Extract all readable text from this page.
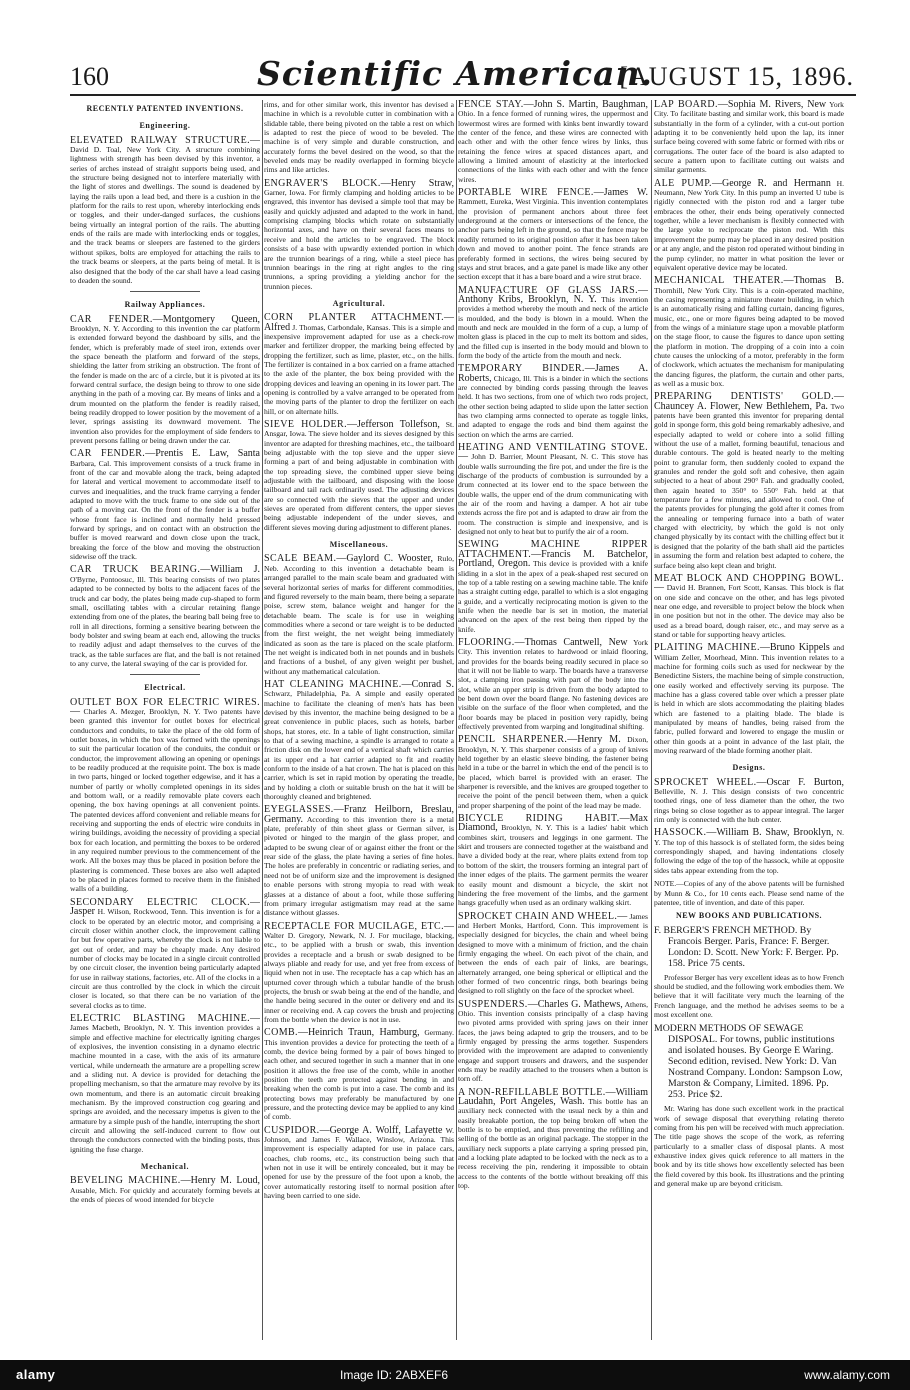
160	Scientific American.
[AUGUST 15, 1896.
RECENTLY PATENTED INVENTIONS.
Engineering.

ELEVATED RAILWAY STRUCTURE.— David D. Toal, New York City. A structure combining lightness with strength has been devised by this inventor, a series of arches instead of straight supports being used, and the structure being designed not to interfere materially with the light of stores and dwellings. The sound is deadened by laying the rails upon a lead bed, and there is a cushion in the platform for the rails to rest upon, whereby interlocking ends or toggles, and their under-danged surfaces, the cushions being virtually an integral portion of the rails. The abutting ends of the rails are made with interlocking ends or toggles, and the track beams or sleepers are fastened to the girders without spikes, bolts are employed for attaching the rails to the track beams or sleepers, at the parts being of metal. It is also designed that the body of the car shall have a lead casing to deaden the sound.

Railway Appliances.

CAR FENDER.—Montgomery Queen, Brooklyn, N. Y. According to this invention the car platform is extended forward beyond the dashboard by sills, and the fender, which is preferably made of steel iron, extends over the space beneath the platform and forward of the steps, shielding the latter from striking an obstruction. The front of the fender is made on the arc of a circle, but it is pivoted at its forward central surface, the design being to throw to one side anything in the path of a moving car. By means of links and a drum mounted on the platform the fender is readily raised, being readily dropped to lower position by the movement of a lever, springs assisting its downward movement. The invention also provides for the employment of side fenders to prevent persons falling or being drawn under the car.

CAR FENDER.—Prentis E. Law, Santa Barbara, Cal. This improvement consists of a truck frame in front of the car and movable along the track, being adapted for lateral and vertical movement to accommodate itself to curves and inequalities, and the truck frame carrying a fender adapted to move with the truck frame to one side out of the path of a moving car. On the front of the fender is a buffer whose front face is inclined and normally held pressed forward by springs, and on contact with an obstruction the buffer is moved rearward and down close upon the track, breaking the force of the blow and moving the obstruction sidewise off the track.

CAR TRUCK BEARING.—William J. O'Byrne, Pontoosuc, Ill. This bearing consists of two plates adapted to be connected by bolts to the adjacent faces of the truck and car body, the plates being made cup-shaped to form small, oscillating tables with a circular retaining flange extending from one of the plates, the bearing ball being free to roll in all directions, forming a sensitive bearing between the body bolster and swing beam at each end, allowing the trucks to readily adjust and adapt themselves to the curves of the track, as the table surfaces are flat, and the ball is not retained to any curve, the lateral swaying of the car is provided for.

Electrical.

OUTLET BOX FOR ELECTRIC WIRES.— Charles A. Mezger, Brooklyn, N. Y. Two patents have been granted this inventor for outlet boxes for electrical conductors and conduits, to take the place of the old form of outlet boxes, in which the box was formed with the openings to suit the particular location of the conduits, the conduit or conductor, the improvement allowing an opening or openings to be readily produced at the requisite point. The box is made in two parts, hinged or locked together edgewise, and it has a number of partly or wholly completed openings in its sides and bottom wall, or a readily removable plate covers each opening, the box having openings at all convenient points. The patented devices afford convenient and reliable means for receiving and supporting the ends of electric wire conduits in wiring buildings, avoiding the necessity of providing a special box for each location, and permitting the boxes to be ordered in any required number previous to the commencement of the work. All the boxes may thus be placed in position before the plastering is commenced. These boxes are also well adapted to be placed in places formed to receive them in the finished walls of a building.

SECONDARY ELECTRIC CLOCK.—Jasper H. Wilson, Rockwood, Tenn. This invention is for a clock to be operated by an electric motor, and comprising a circuit closer within another clock, the improvement calling for but few operative parts, whereby the clock is not liable to get out of order, and may be cheaply made. Any desired number of clocks may be located in a single circuit controlled by one circuit closer, the invention being particularly adapted for use in railway stations, factories, etc. All of the clocks in a circuit are thus controlled by the clock in which the circuit closer is located, so that there can be no variation of the several clocks as to time.

ELECTRIC BLASTING MACHINE.— James Macbeth, Brooklyn, N. Y. This invention provides a simple and effective machine for electrically igniting charges of explosives, the invention consisting in a dynamo electric machine mounted in a case, with the axis of its armature vertical, while underneath the armature are a propelling screw and a sliding nut. A device is provided for detaching the propelling mechanism, so that the armature may revolve by its own momentum, and there is an automatic circuit breaking mechanism. By the improved construction cog gearing and springs are avoided, and the necessary impetus is given to the armature by a simple push of the handle, interrupting the short circuit and allowing the self-induced current to flow out through the conductors connected with the binding posts, thus igniting the fuse charge.

Mechanical.

BEVELING MACHINE.—Henry M. Loud, Ausable, Mich. For quickly and accurately forming bevels at the ends of pieces of wood intended for bicycle

rims, and for other similar work, this inventor has devised a machine in which is a revoluble cutter in combination with a slidable table, there being pivoted on the table a rest on which is adapted to rest the piece of wood to be beveled. The machine is of very simple and durable construction, and accurately forms the bevel desired on the wood, so that the beveled ends may be readily overlapped in forming bicycle rims and like articles.

ENGRAVER'S BLOCK.—Henry Straw, Garner, Iowa. For firmly clamping and holding articles to be engraved, this inventor has devised a simple tool that may be easily and quickly adjusted and adapted to the work in hand, comprising clamping blocks which rotate on substantially horizontal axes, and have on their several faces means to receive and hold the articles to be engraved. The block consists of a base with upwardly extended portion in which are the trunnion bearings of a ring, while a steel piece has trunnion bearings in the ring at right angles to the ring trunnions, a spring providing a yielding anchor for the trunnion pieces.

Agricultural.

CORN PLANTER ATTACHMENT.—Alfred J. Thomas, Carbondale, Kansas. This is a simple and inexpensive improvement adapted for use as a check-row marker and fertilizer dropper, the marking being effected by dropping the fertilizer, such as lime, plaster, etc., on the hills. The fertilizer is contained in a box carried on a frame attached to the axle of the planter, the box being provided with the dropping devices and leaving an opening in its lower part. The opening is controlled by a valve arranged to be operated from the moving parts of the planter to drop the fertilizer on each hill, or on alternate hills.

SIEVE HOLDER.—Jefferson Tollefson, St. Ansgar, Iowa. The sieve holder and its sieves designed by this inventor are adapted for threshing machines, etc., the tailboard being adjustable with the top sieve and the upper sieve forming a part of and being adjustable in combination with the top spreading sieve, the combined upper sieve being adjustable with the tailboard, and disposing with the loose tailboard and tail rack ordinarily used. The adjusting devices are so connected with the sieves that the upper and under sieves are operated from different centers, the upper sieves being adjustable independent of the under sieves, and different sieves moving during adjustment to different planes.

Miscellaneous.

SCALE BEAM.—Gaylord C. Wooster, Rulo, Neb. According to this invention a detachable beam is arranged parallel to the main scale beam and graduated with several horizontal series of marks for different commodities, and figured reversely to the main beam, there being a separate poise, screw stem, balance weight and hanger for the detachable beam. The scale is for use in weighing commodities where a second or tare weight is to be deducted from the first weight, the net weight being immediately indicated as soon as the tare is placed on the scale platform. The net weight is indicated both in net pounds and in bushels and fractions of a bushel, of any given weight per bushel, without any mathematical calculation.

HAT CLEANING MACHINE.—Conrad S. Schwarz, Philadelphia, Pa. A simple and easily operated machine to facilitate the cleaning of men's hats has been devised by this inventor, the machine being designed to be a great convenience in public places, such as hotels, barber shops, hat stores, etc. In a table of light construction, similar to that of a sewing machine, a spindle is arranged to rotate a friction disk on the lower end of a vertical shaft which carries at its upper end a hat carrier adapted to fit and readily conform to the inside of a hat crown. The hat is placed on this carrier, which is set in rapid motion by operating the treadle, and by holding a cloth or suitable brush on the hat it will be thoroughly cleaned and brightened.

EYEGLASSES.—Franz Heilborn, Breslau, Germany. According to this invention there is a metal plate, preferably of thin sheet glass or German silver, is pivoted or hinged to the margin of the glass proper, and adapted to be swung clear of or against either the front or the rear side of the glass, the plate having a series of fine holes. The holes are preferably in concentric or radiating series, and need not be of uniform size and the improvement is designed to enable persons with strong myopia to read with weak glasses at a distance of about a foot, while those suffering from primary irregular astigmatism may read at the same distance without glasses.

RECEPTACLE FOR MUCILAGE, ETC.— Walter D. Gregory, Newark, N. J. For mucilage, blacking, etc., to be applied with a brush or swab, this invention provides a receptacle and a brush or swab designed to be always pliable and ready for use, and yet free from excess of liquid when not in use. The receptacle has a cap which has an upturned cover through which a tubular handle of the brush projects, the brush or swab being at the end of the handle, and the handle being secured in the outer or delivery end and its inner or receiving end. A cap covers the brush and projecting from the bottle when the device is not in use.

COMB.—Heinrich Traun, Hamburg, Germany. This invention provides a device for protecting the teeth of a comb, the device being formed by a pair of bows hinged to each other, and secured together in such a manner that in one position it allows the free use of the comb, while in another position the teeth are protected against bending in and breaking when the comb is put into a case. The comb and its protecting bows may preferably be manufactured by one pressure, and the protecting device may be applied to any kind of comb.

CUSPIDOR.—George A. Wolff, Lafayette W. Johnson, and James F. Wallace, Winslow, Arizona. This improvement is especially adapted for use in palace cars, coaches, club rooms, etc., its construction being such that when not in use it will be entirely concealed, but it may be opened for use by the pressure of the foot upon a knob, the cover automatically restoring itself to normal position after having been carried to one side.

FENCE STAY.—John S. Martin, Baughman, Ohio. In a fence formed of running wires, the uppermost and lowermost wires are formed with kinks bent inwardly toward the center of the fence, and these wires are connected with each other and with the other fence wires by links, thus retaining the fence wires at spaced distances apart, and allowing a limited amount of elasticity at the interlocked connections of the links with each other and with the fence wires.

PORTABLE WIRE FENCE.—James W. Rammett, Eureka, West Virginia. This invention contemplates the provision of permanent anchors about three feet underground at the corners or intersections of the fence, the anchor parts being left in the ground, so that the fence may be readily returned to its original position after it has been taken down and moved to another point. The fence strands are preferably formed in sections, the wires being secured by stays and strut braces, and a gate panel is made like any other section except that it has a bare board and a wire strut brace.

MANUFACTURE OF GLASS JARS.—Anthony Kribs, Brooklyn, N. Y. This invention provides a method whereby the mouth and neck of the article is moulded, and the body is blown in a mould. When the mouth and neck are moulded in the form of a cup, a lump of molten glass is placed in the cup to melt its bottom and sides, and the filled cup is inserted in the body mould and blown to form the body of the article from the mouth and neck.

TEMPORARY BINDER.—James A. Roberts, Chicago, Ill. This is a binder in which the sections are connected by binding cords passing through the leaves held. It has two sections, from one of which two rods project, the other section being adapted to slide upon the latter section has two clamping arms connected to operate as toggle links, and adapted to engage the rods and bind them against the section on which the arms are carried.

HEATING AND VENTILATING STOVE.— John D. Barrier, Mount Pleasant, N. C. This stove has double walls surrounding the fire pot, and under the fire is the discharge of the products of combustion is surrounded by a drum connected at its lower end to the space between the double walls, the upper end of the drum communicating with the air of the room and having a damper. A hot air tube extends across the fire pot and is adapted to draw air from the room. The construction is simple and inexpensive, and is designed not only to heat but to purify the air of a room.

SEWING MACHINE RIPPER ATTACHMENT.—Francis M. Batchelor, Portland, Oregon. This device is provided with a knife sliding in a slot in the apex of a peak-shaped rest secured on the top of a table resting on a sewing machine table. The knife has a straight cutting edge, parallel to which is a slot engaging a guide, and a vertically reciprocating motion is given to the knife when the needle bar is set in motion, the material advanced on the apex of the rest being then ripped by the knife.

FLOORING.—Thomas Cantwell, New York City. This invention relates to hardwood or inlaid flooring, and provides for the boards being readily secured in place so that it will not be liable to warp. The boards have a transverse slot, a clamping iron passing with part of the body into the slot, while an upper strip is driven from the body adapted to be bent down over the board flange. No fastening devices are visible on the surface of the floor when completed, and the floor boards may be placed in position very rapidly, being effectively prevented from warping and longitudinal shifting.

PENCIL SHARPENER.—Henry M. Dixon, Brooklyn, N. Y. This sharpener consists of a group of knives held together by an elastic sleeve binding, the fastener being held in a tube or the barrel in which the end of the pencil is to be placed, which barrel is provided with an eraser. The sharpener is reversible, and the knives are grouped together to receive the point of the pencil between them, when a quick and proper sharpening of the point of the lead may be made.

BICYCLE RIDING HABIT.—Max Diamond, Brooklyn, N. Y. This is a ladies' habit which combines skirt, trousers and leggings in one garment. The skirt and trousers are connected together at the waistband and have a divided body at the rear, where plaits extend from top to bottom of the skirt, the trousers forming an integral part of the inner edges of the plaits. The garment permits the wearer to easily mount and dismount a bicycle, the skirt not hindering the free movement of the limbs, and the garment hangs gracefully when used as an ordinary walking skirt.

SPROCKET CHAIN AND WHEEL.— James and Herbert Monks, Hartford, Conn. This improvement is especially designed for bicycles, the chain and wheel being designed to move with a minimum of friction, and the chain firmly engaging the wheel. On each pivot of the chain, and between the ends of each pair of links, are bearings, alternately arranged, one being spherical or elliptical and the other formed of two concentric rings, both bearings being designed to roll slightly on the face of the sprocket wheel.

SUSPENDERS.—Charles G. Mathews, Athens, Ohio. This invention consists principally of a clasp having two pivoted arms provided with spring jaws on their inner faces, the jaws being adapted to grip the trousers, and to be firmly engaged by pressing the arms together. Suspenders provided with the improvement are adapted to conveniently engage and support trousers and drawers, and the suspender ends may be readily attached to the trousers when a button is torn off.

A NON-REFILLABLE BOTTLE.—William Laudahn, Port Angeles, Wash. This bottle has an auxiliary neck connected with the usual neck by a thin and easily breakable portion, the top being broken off when the bottle is to be emptied, and thus preventing the refilling and selling of the bottle as an original package. The stopper in the auxiliary neck supports a plate carrying a spring pressed pin, and a locking plate adapted to be locked with the neck as to a recess receiving the pin, rendering it impossible to obtain access to the contents of the bottle without breaking off this top.

LAP BOARD.—Sophia M. Rivers, New York City. To facilitate basting and similar work, this board is made substantially in the form of a cylinder, with a cut-out portion adapting it to be conveniently held upon the lap, its inner surface being covered with some fabric or formed with ribs or corrugations. The outer face of the board is also adapted to secure a pattern upon to facilitate cutting out waists and similar garments.

ALE PUMP.—George R. and Hermann H. Neumann, New York City. In this pump an inverted U tube is rigidly connected with the piston rod and a larger tube embraces the other, their ends being operatively connected together, while a lever mechanism is flexibly connected with the large yoke to reciprocate the piston rod. With this improvement the pump may be placed in any desired position or at any angle, and the piston rod operated without binding in the pump cylinder, no matter in what position the lever or equivalent operative device may be located.

MECHANICAL THEATER.—Thomas B. Thornhill, New York City. This is a coin-operated machine, the casing representing a miniature theater building, in which is an automatically rising and falling curtain, dancing figures, music, etc., one or more figures being adapted to be moved from the wings of a miniature stage upon a movable platform on the stage floor, to cause the figures to dance upon setting the platform in motion. The dropping of a coin into a coin chute causes the unlocking of a motor, preferably in the form of clockwork, which actuates the mechanism for manipulating the dancing figures, the platform, the curtain and other parts, as well as a music box.

PREPARING DENTISTS' GOLD.—Chauncey A. Flower, New Bethlehem, Pa. Two patents have been granted this inventor for preparing dental gold in sponge form, this gold being remarkably adhesive, and especially adapted to weld or cohere into a solid filling without the use of a mallet, forming beautiful, tenacious and durable contours. The gold is heated nearly to the melting point to granular form, then suddenly cooled to expand the granules and render the gold soft and cohesive, then again subjected to a heat of about 290° Fah. and gradually cooled, then again heated to 350° to 550° Fah. held at that temperature for a few minutes, and allowed to cool. One of the patents provides for plunging the gold after it comes from the annealing or tempering furnace into a bath of water charged with electricity, by which the gold is not only changed physically by its contact with the chilling effect but it is designed that the polarity of the bath shall aid the particles in assuming the form and relation best adapted to cohere, the surface being also kept clean and bright.

MEAT BLOCK AND CHOPPING BOWL.— David H. Brannen, Fort Scott, Kansas. This block is flat on one side and concave on the other, and has legs pivoted near one edge, and reversible to project below the block when in one position but not in the other. The device may also be used as a bread board, dough raiser, etc., and may serve as a stand or table for supporting heavy articles.

PLAITING MACHINE.—Bruno Kippels and William Zeller, Moorhead, Minn. This invention relates to a machine for forming coils such as used for neckwear by the Benedictine Sisters, the machine being of simple construction, one easily worked and effectively serving its purpose. The machine has a glass covered table over which a presser plate is held in which are slots accommodating the plaiting blades which are fastened to a plaiting blade. The blade is manipulated by means of handles, being raised from the fabric, pulled forward and lowered to engage the muslin or other thin goods at a point in advance of the last plait, the moving rearward of the blade forming another plait.

Designs.

SPROCKET WHEEL.—Oscar F. Burton, Belleville, N. J. This design consists of two concentric toothed rings, one of less diameter than the other, the two rings being so close together as to appear integral. The larger rim only is connected with the hub center.

HASSOCK.—William B. Shaw, Brooklyn, N. Y. The top of this hassock is of stellated form, the sides being correspondingly shaped, and having indentations closely following the edge of the top of the hassock, while at opposite sides tabs appear extending from the top.

NOTE.—Copies of any of the above patents will be furnished by Munn & Co., for 10 cents each. Please send name of the patentee, title of invention, and date of this paper.

NEW BOOKS AND PUBLICATIONS.

F. BERGER'S FRENCH METHOD. By Francois Berger. Paris, France: F. Berger. London: D. Scott. New York: F. Berger. Pp. 158. Price 75 cents.

Professor Berger has very excellent ideas as to how French should be studied, and the following work embodies them. We believe that it will facilitate very much the learning of the French language, and the method he advises seems to be a most excellent one.

MODERN METHODS OF SEWAGE DISPOSAL. For towns, public institutions and isolated houses. By George E Waring. Second edition, revised. New York: D. Van Nostrand Company. London: Sampson Low, Marston & Company, Limited. 1896. Pp. 253. Price $2.

Mr. Waring has done such excellent work in the practical work of sewage disposal that everything relating thereto coming from his pen will be received with much appreciation. The title page shows the scope of the work, as referring particularly to a smaller class of disposal plants. A most exhaustive index gives quick reference to all matters in the book and by its title shows how excellently selected has been the field covered by this book. Its illustrations and the printing and general make up are beyond criticism.

alamy	Image ID: 2ABXEF6	www.alamy.com
